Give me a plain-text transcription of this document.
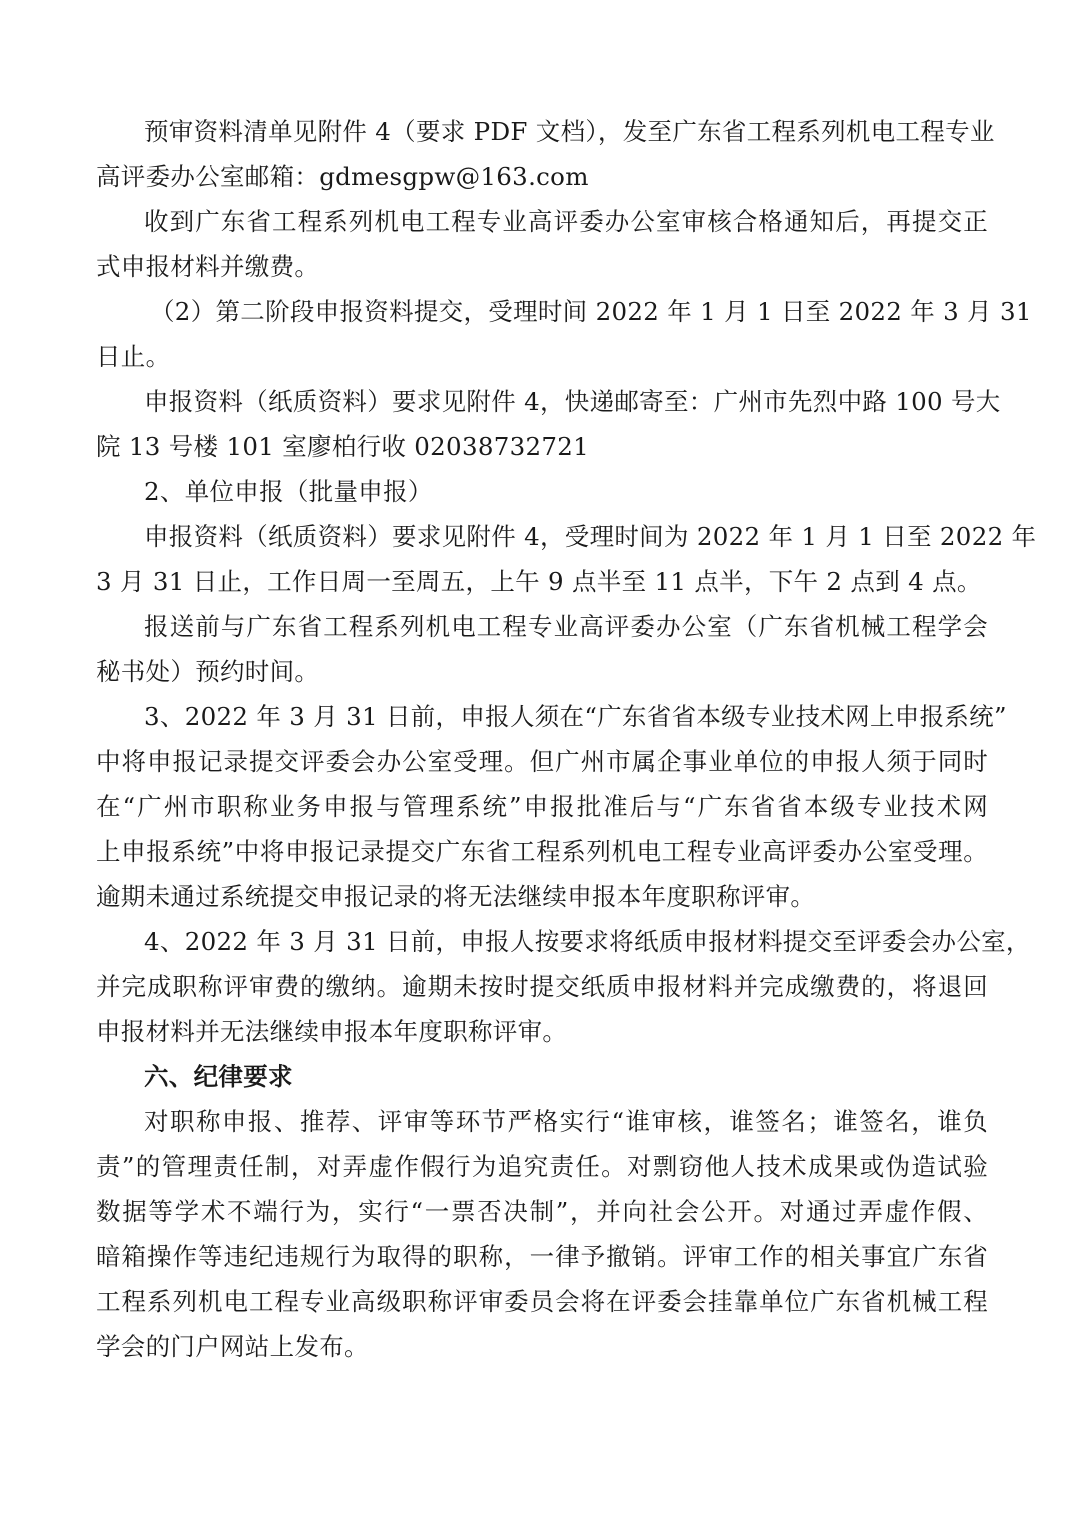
预审资料清单见附件 4（要求 PDF 文档），发至广东省工程系列机电工程专业
高评委办公室邮箱：gdmesgpw@163.com
收到广东省工程系列机电工程专业高评委办公室审核合格通知后，再提交正
式申报材料并缴费。
（2）第二阶段申报资料提交，受理时间 2022 年 1 月 1 日至 2022 年 3 月 31
日止。
申报资料（纸质资料）要求见附件 4，快递邮寄至：广州市先烈中路 100 号大
院 13 号楼 101 室廖柏行收 02038732721
2、单位申报（批量申报）
申报资料（纸质资料）要求见附件 4，受理时间为 2022 年 1 月 1 日至 2022 年
3 月 31 日止，工作日周一至周五，上午 9 点半至 11 点半，下午 2 点到 4 点。
报送前与广东省工程系列机电工程专业高评委办公室（广东省机械工程学会
秘书处）预约时间。
3、2022 年 3 月 31 日前，申报人须在“广东省省本级专业技术网上申报系统”
中将申报记录提交评委会办公室受理。但广州市属企事业单位的申报人须于同时
在“广州市职称业务申报与管理系统”申报批准后与“广东省省本级专业技术网
上申报系统”中将申报记录提交广东省工程系列机电工程专业高评委办公室受理。
逾期未通过系统提交申报记录的将无法继续申报本年度职称评审。
4、2022 年 3 月 31 日前，申报人按要求将纸质申报材料提交至评委会办公室，
并完成职称评审费的缴纳。逾期未按时提交纸质申报材料并完成缴费的，将退回
申报材料并无法继续申报本年度职称评审。
六、纪律要求
对职称申报、推荐、评审等环节严格实行“谁审核，谁签名；谁签名，谁负
责”的管理责任制，对弄虚作假行为追究责任。对剽窃他人技术成果或伪造试验
数据等学术不端行为，实行“一票否决制”，并向社会公开。对通过弄虚作假、
暗箱操作等违纪违规行为取得的职称，一律予撤销。评审工作的相关事宜广东省
工程系列机电工程专业高级职称评审委员会将在评委会挂靠单位广东省机械工程
学会的门户网站上发布。
